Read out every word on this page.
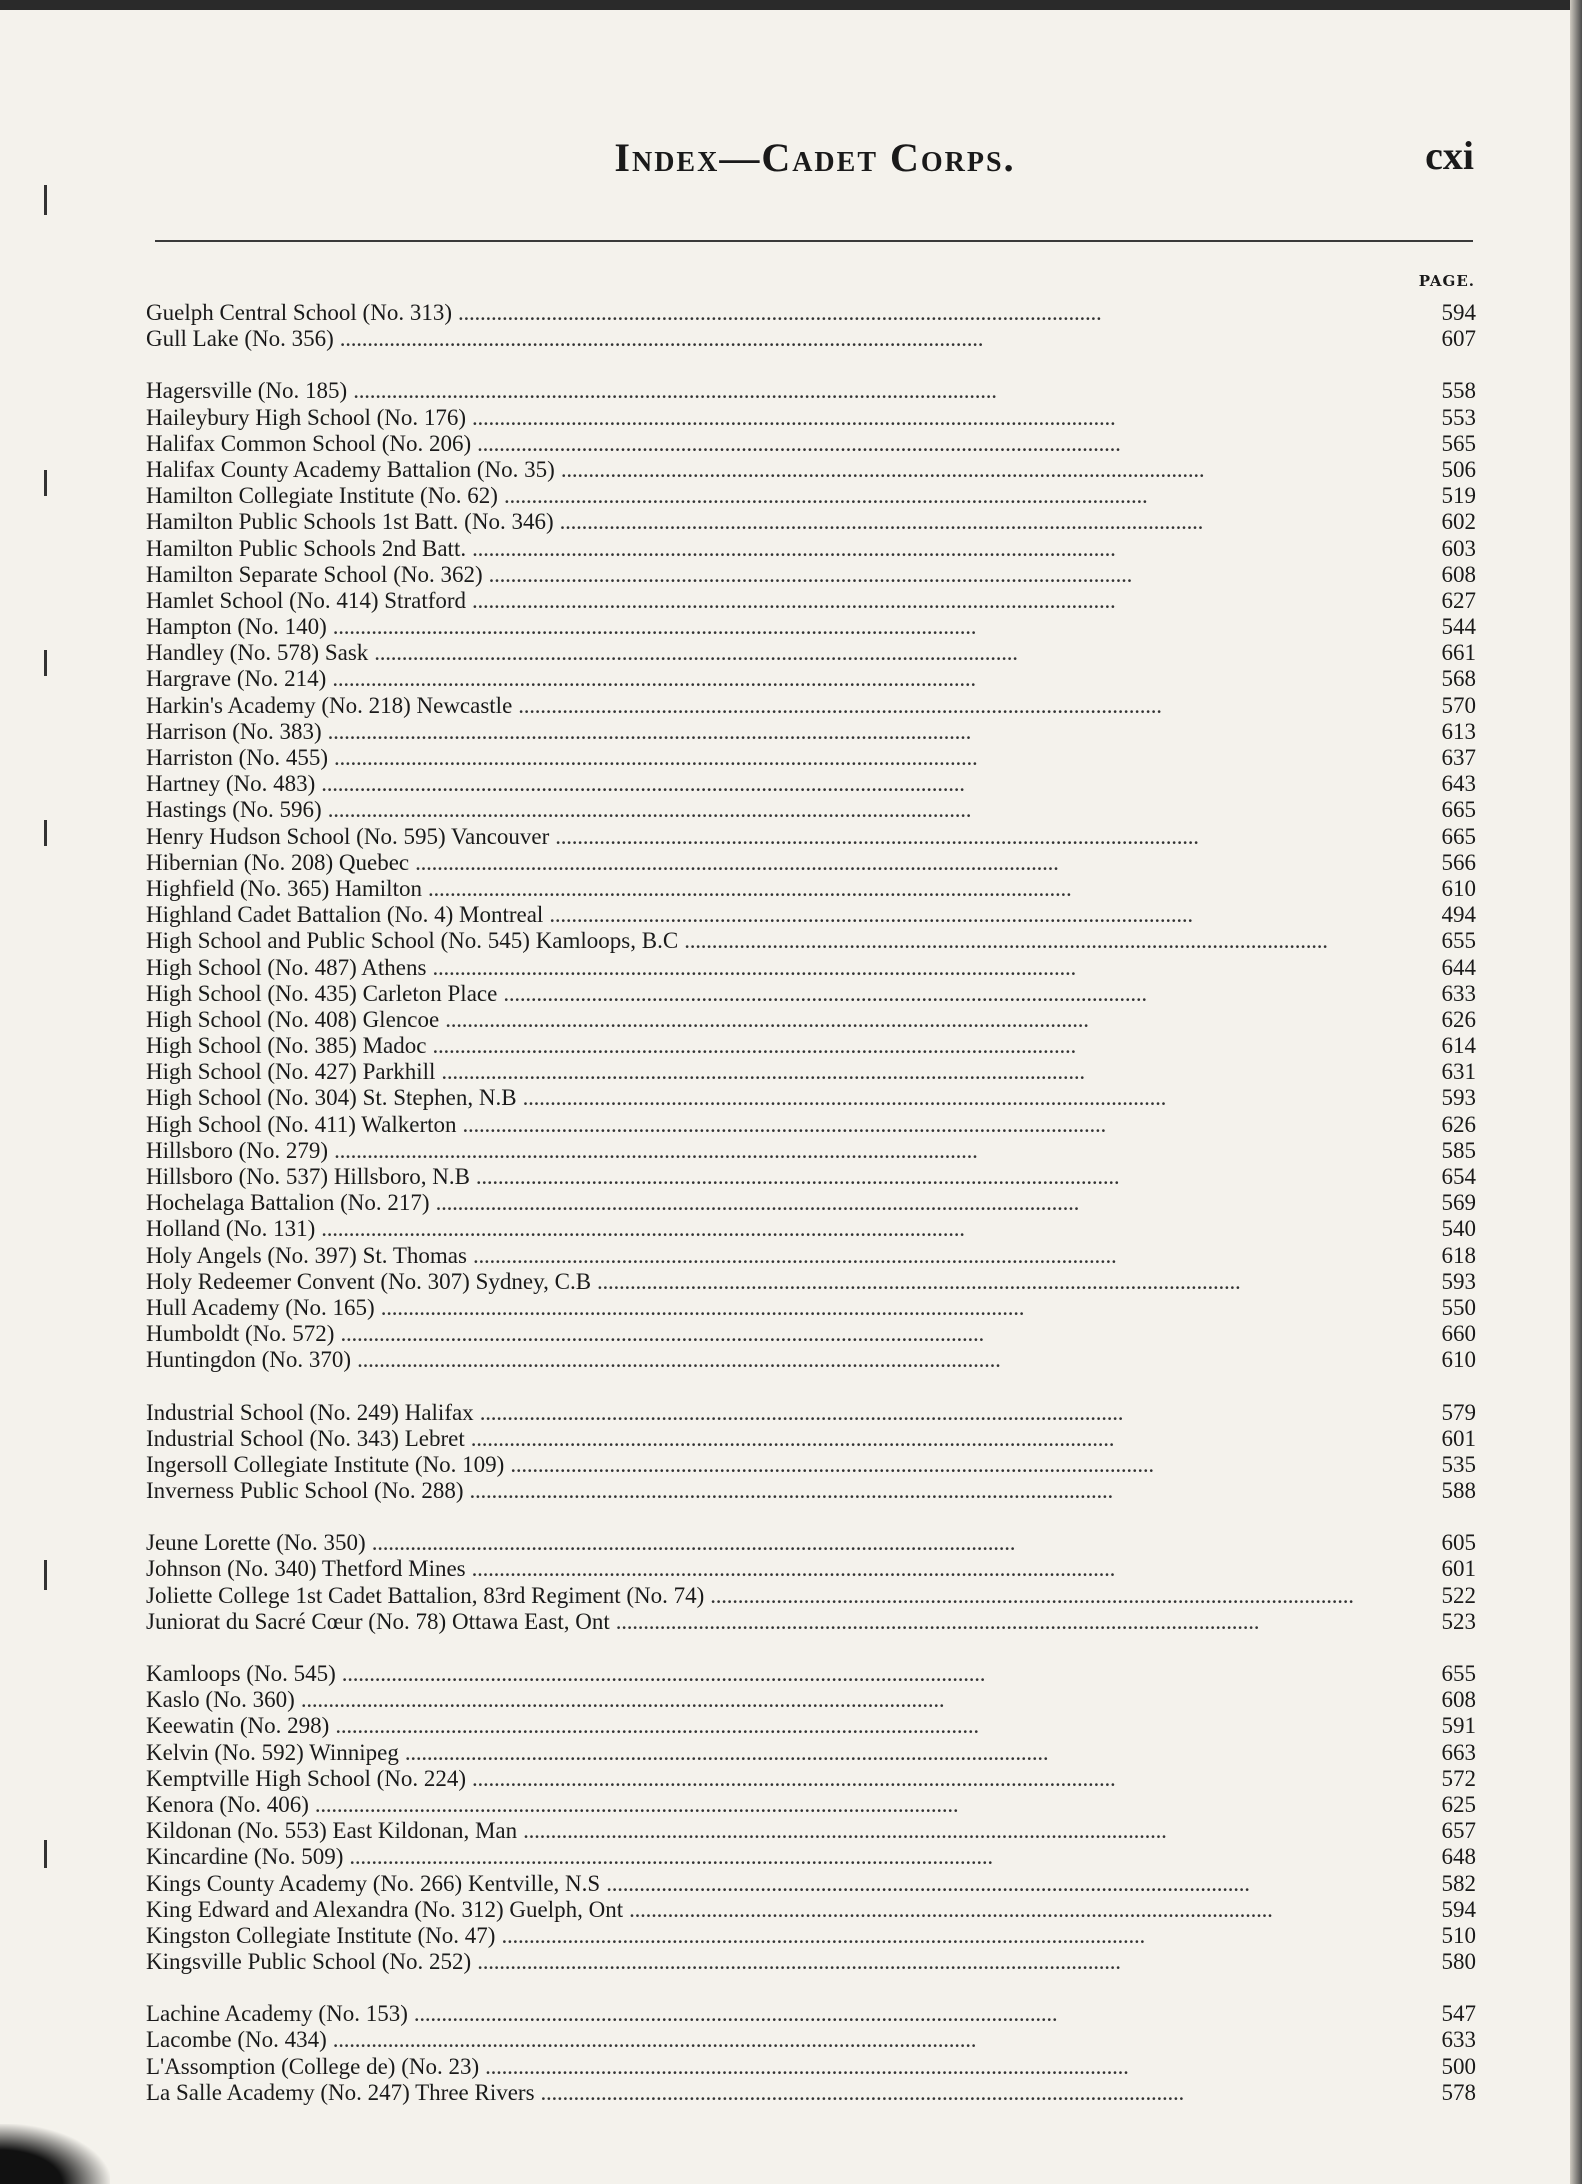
Index—Cadet Corps.	cxi
PAGE.
Guelph Central School (No. 313) . . .	594
Gull Lake (No. 356) . . .	607
Hagersville (No. 185) . . .	558
Haileybury High School (No. 176) . . .	553
Halifax Common School (No. 206) . . .	565
Halifax County Academy Battalion (No. 35) . . .	506
Hamilton Collegiate Institute (No. 62) . . .	519
Hamilton Public Schools 1st Batt. (No. 346) . . .	602
Hamilton Public Schools 2nd Batt. . . .	603
Hamilton Separate School (No. 362) . . .	608
Hamlet School (No. 414) Stratford . . .	627
Hampton (No. 140) . . .	544
Handley (No. 578) Sask . . .	661
Hargrave (No. 214) . . .	568
Harkin's Academy (No. 218) Newcastle . . .	570
Harrison (No. 383) . . .	613
Harriston (No. 455) . . .	637
Hartney (No. 483) . . .	643
Hastings (No. 596) . . .	665
Henry Hudson School (No. 595) Vancouver . . .	665
Hibernian (No. 208) Quebec . . .	566
Highfield (No. 365) Hamilton . . .	610
Highland Cadet Battalion (No. 4) Montreal . . .	494
High School and Public School (No. 545) Kamloops, B.C . . .	655
High School (No. 487) Athens . . .	644
High School (No. 435) Carleton Place . . .	633
High School (No. 408) Glencoe . . .	626
High School (No. 385) Madoc . . .	614
High School (No. 427) Parkhill . . .	631
High School (No. 304) St. Stephen, N.B . . .	593
High School (No. 411) Walkerton . . .	626
Hillsboro (No. 279) . . .	585
Hillsboro (No. 537) Hillsboro, N.B . . .	654
Hochelaga Battalion (No. 217) . . .	569
Holland (No. 131) . . .	540
Holy Angels (No. 397) St. Thomas . . .	618
Holy Redeemer Convent (No. 307) Sydney, C.B . . .	593
Hull Academy (No. 165) . . .	550
Humboldt (No. 572) . . .	660
Huntingdon (No. 370) . . .	610
Industrial School (No. 249) Halifax . . .	579
Industrial School (No. 343) Lebret . . .	601
Ingersoll Collegiate Institute (No. 109) . . .	535
Inverness Public School (No. 288) . . .	588
Jeune Lorette (No. 350) . . .	605
Johnson (No. 340) Thetford Mines . . .	601
Joliette College 1st Cadet Battalion, 83rd Regiment (No. 74) . . .	522
Juniorat du Sacré Cœur (No. 78) Ottawa East, Ont . . .	523
Kamloops (No. 545) . . .	655
Kaslo (No. 360) . . .	608
Keewatin (No. 298) . . .	591
Kelvin (No. 592) Winnipeg . . .	663
Kemptville High School (No. 224) . . .	572
Kenora (No. 406) . . .	625
Kildonan (No. 553) East Kildonan, Man . . .	657
Kincardine (No. 509) . . .	648
Kings County Academy (No. 266) Kentville, N.S . . .	582
King Edward and Alexandra (No. 312) Guelph, Ont . . .	594
Kingston Collegiate Institute (No. 47) . . .	510
Kingsville Public School (No. 252) . . .	580
Lachine Academy (No. 153) . . .	547
Lacombe (No. 434) . . .	633
L'Assomption (College de) (No. 23) . . .	500
La Salle Academy (No. 247) Three Rivers . . .	578
